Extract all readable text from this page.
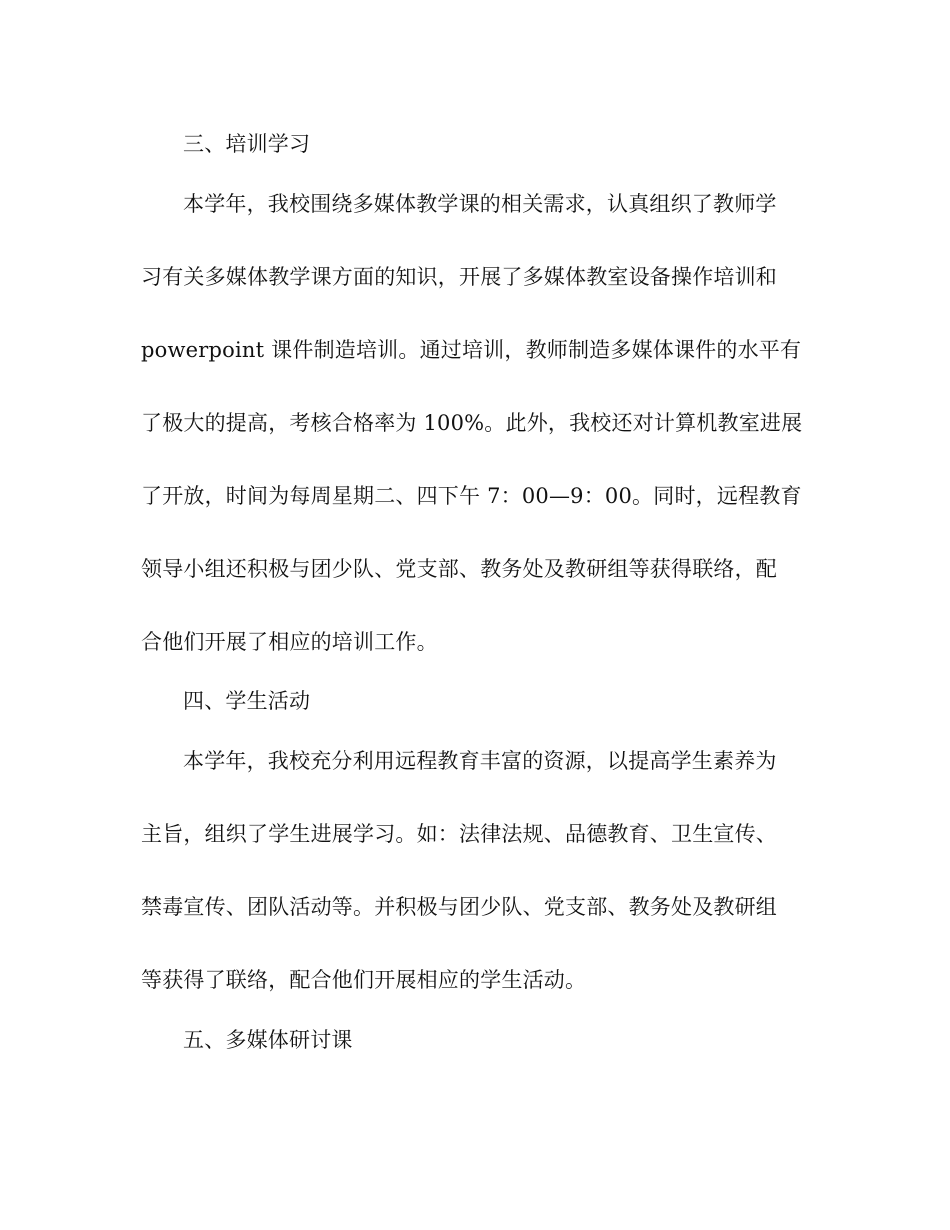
三、培训学习
本学年，我校围绕多媒体教学课的相关需求，认真组织了教师学
习有关多媒体教学课方面的知识，开展了多媒体教室设备操作培训和
powerpoint 课件制造培训。通过培训，教师制造多媒体课件的水平有
了极大的提高，考核合格率为 100%。此外，我校还对计算机教室进展
了开放，时间为每周星期二、四下午 7：00—9：00。同时，远程教育
领导小组还积极与团少队、党支部、教务处及教研组等获得联络，配
合他们开展了相应的培训工作。
四、学生活动
本学年，我校充分利用远程教育丰富的资源，以提高学生素养为
主旨，组织了学生进展学习。如：法律法规、品德教育、卫生宣传、
禁毒宣传、团队活动等。并积极与团少队、党支部、教务处及教研组
等获得了联络，配合他们开展相应的学生活动。
五、多媒体研讨课
